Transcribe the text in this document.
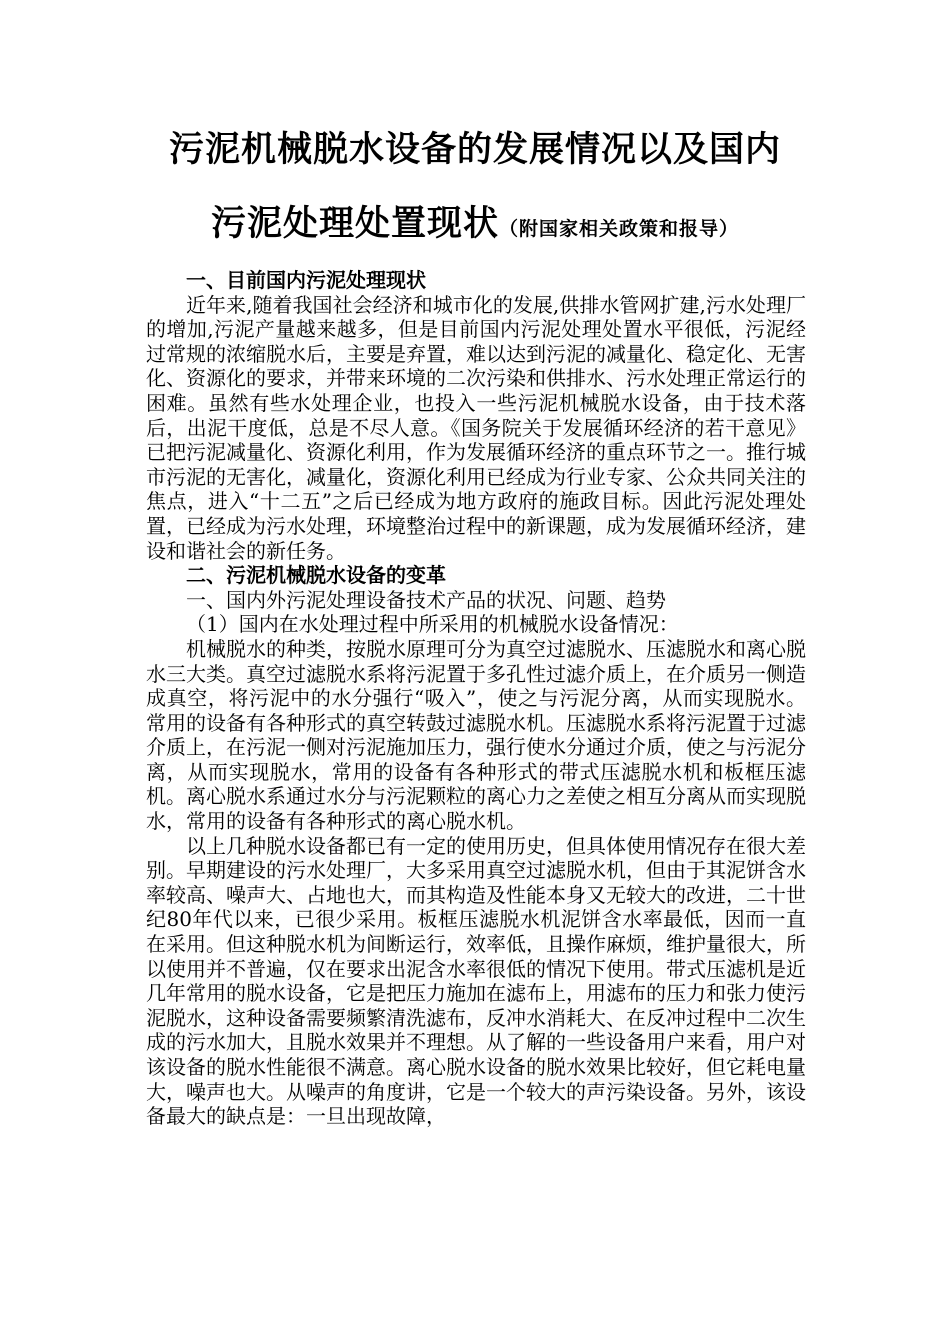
污泥机械脱水设备的发展情况以及国内
污泥处理处置现状（附国家相关政策和报导）

一、目前国内污泥处理现状

近年来,随着我国社会经济和城市化的发展,供排水管网扩建,污水处理厂的增加,污泥产量越来越多，但是目前国内污泥处理处置水平很低，污泥经过常规的浓缩脱水后，主要是弃置，难以达到污泥的减量化、稳定化、无害化、资源化的要求，并带来环境的二次污染和供排水、污水处理正常运行的困难。虽然有些水处理企业，也投入一些污泥机械脱水设备，由于技术落后，出泥干度低，总是不尽人意。《国务院关于发展循环经济的若干意见》已把污泥减量化、资源化利用，作为发展循环经济的重点环节之一。推行城市污泥的无害化，减量化，资源化利用已经成为行业专家、公众共同关注的焦点，进入“十二五”之后已经成为地方政府的施政目标。因此污泥处理处置，已经成为污水处理，环境整治过程中的新课题，成为发展循环经济，建设和谐社会的新任务。

二、污泥机械脱水设备的变革

一、国内外污泥处理设备技术产品的状况、问题、趋势

（1）国内在水处理过程中所采用的机械脱水设备情况：

机械脱水的种类，按脱水原理可分为真空过滤脱水、压滤脱水和离心脱水三大类。真空过滤脱水系将污泥置于多孔性过滤介质上，在介质另一侧造成真空，将污泥中的水分强行“吸入”，使之与污泥分离，从而实现脱水。常用的设备有各种形式的真空转鼓过滤脱水机。压滤脱水系将污泥置于过滤介质上，在污泥一侧对污泥施加压力，强行使水分通过介质，使之与污泥分离，从而实现脱水，常用的设备有各种形式的带式压滤脱水机和板框压滤机。离心脱水系通过水分与污泥颗粒的离心力之差使之相互分离从而实现脱水，常用的设备有各种形式的离心脱水机。

以上几种脱水设备都已有一定的使用历史，但具体使用情况存在很大差别。早期建设的污水处理厂，大多采用真空过滤脱水机，但由于其泥饼含水率较高、噪声大、占地也大，而其构造及性能本身又无较大的改进，二十世纪80年代以来，已很少采用。板框压滤脱水机泥饼含水率最低，因而一直在采用。但这种脱水机为间断运行，效率低，且操作麻烦，维护量很大，所以使用并不普遍，仅在要求出泥含水率很低的情况下使用。带式压滤机是近几年常用的脱水设备，它是把压力施加在滤布上，用滤布的压力和张力使污泥脱水，这种设备需要频繁清洗滤布，反冲水消耗大、在反冲过程中二次生成的污水加大，且脱水效果并不理想。从了解的一些设备用户来看，用户对该设备的脱水性能很不满意。离心脱水设备的脱水效果比较好，但它耗电量大，噪声也大。从噪声的角度讲，它是一个较大的声污染设备。另外，该设备最大的缺点是：一旦出现故障，
